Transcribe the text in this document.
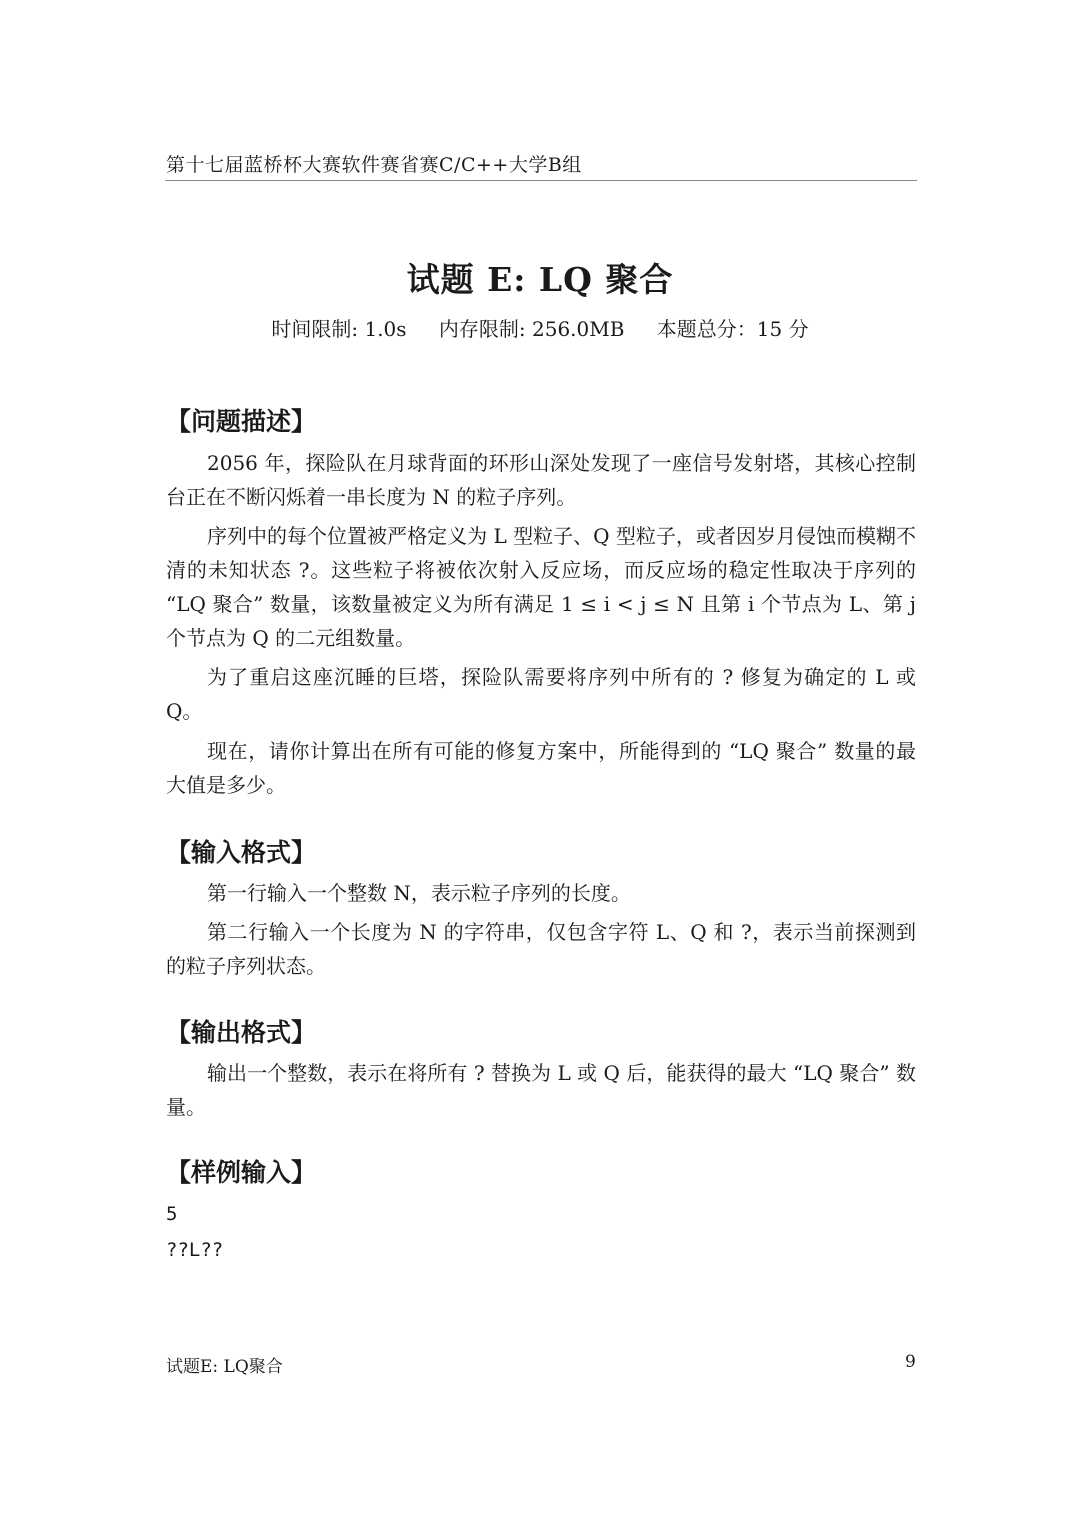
第十七届蓝桥杯大赛软件赛省赛C/C++大学B组
试题 E: LQ 聚合
时间限制: 1.0s 内存限制: 256.0MB 本题总分：15 分
【问题描述】
2056 年，探险队在月球背面的环形山深处发现了一座信号发射塔，其核心控制台正在不断闪烁着一串长度为 N 的粒子序列。
序列中的每个位置被严格定义为 L 型粒子、Q 型粒子，或者因岁月侵蚀而模糊不清的未知状态 ?。这些粒子将被依次射入反应场，而反应场的稳定性取决于序列的 “LQ 聚合” 数量，该数量被定义为所有满足 1 ≤ i < j ≤ N 且第 i 个节点为 L、第 j 个节点为 Q 的二元组数量。
为了重启这座沉睡的巨塔，探险队需要将序列中所有的 ? 修复为确定的 L 或 Q。
现在，请你计算出在所有可能的修复方案中，所能得到的 “LQ 聚合” 数量的最大值是多少。
【输入格式】
第一行输入一个整数 N，表示粒子序列的长度。
第二行输入一个长度为 N 的字符串，仅包含字符 L、Q 和 ?，表示当前探测到的粒子序列状态。
【输出格式】
输出一个整数，表示在将所有 ? 替换为 L 或 Q 后，能获得的最大 “LQ 聚合” 数量。
【样例输入】
5
??L??
试题E: LQ聚合	9
